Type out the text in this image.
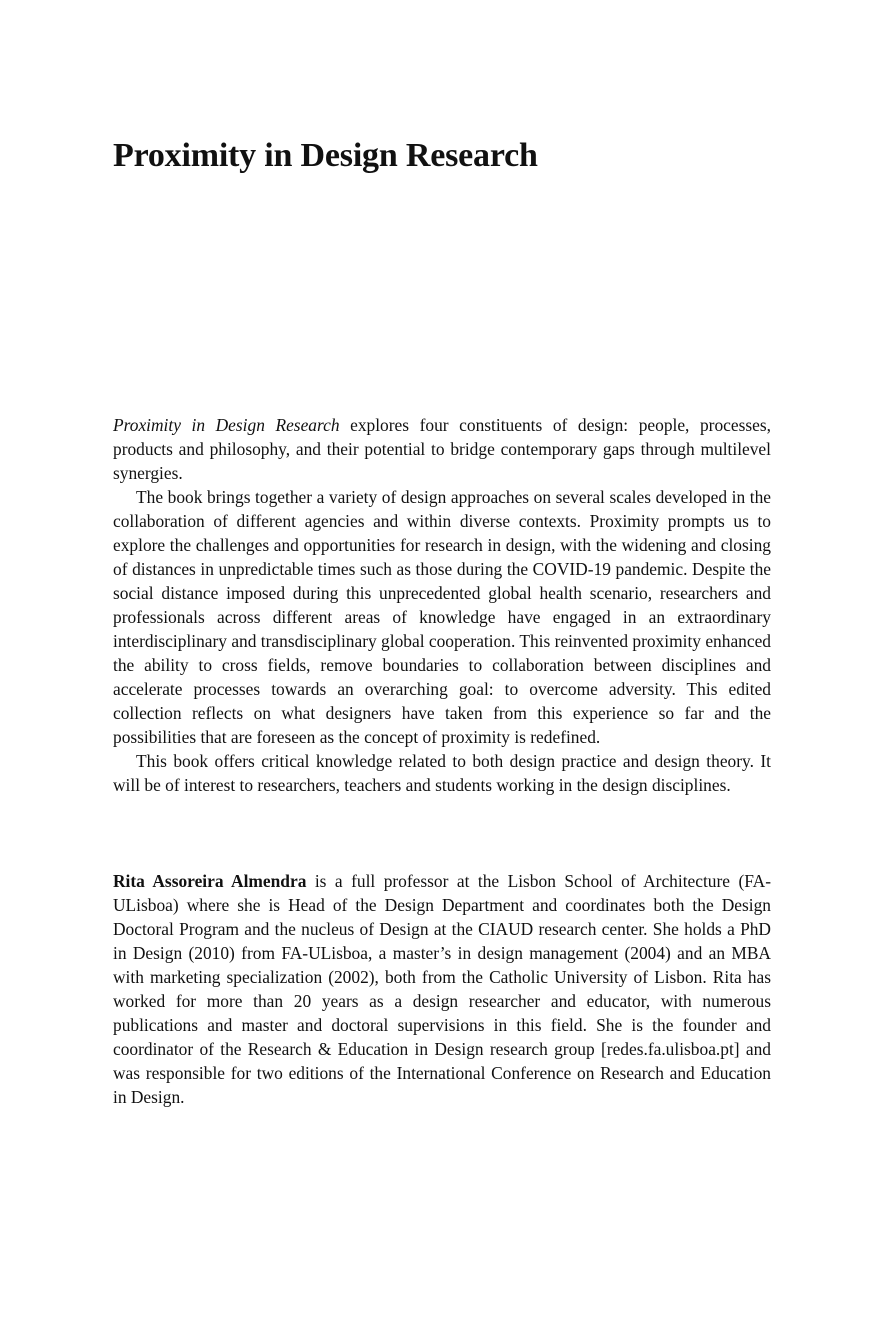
Proximity in Design Research

Proximity in Design Research explores four constituents of design: people, processes, products and philosophy, and their potential to bridge contemporary gaps through multilevel synergies.

The book brings together a variety of design approaches on several scales developed in the collaboration of different agencies and within diverse contexts. Proximity prompts us to explore the challenges and opportunities for research in design, with the widening and closing of distances in unpredictable times such as those during the COVID-19 pandemic. Despite the social distance imposed during this unprecedented global health scenario, researchers and professionals across different areas of knowledge have engaged in an extraordinary interdisciplinary and transdisciplinary global cooperation. This reinvented proximity enhanced the ability to cross fields, remove boundaries to collaboration between disciplines and accelerate processes towards an overarching goal: to overcome adversity. This edited collection reflects on what designers have taken from this experience so far and the possibilities that are foreseen as the concept of proximity is redefined.

This book offers critical knowledge related to both design practice and design theory. It will be of interest to researchers, teachers and students working in the design disciplines.

Rita Assoreira Almendra is a full professor at the Lisbon School of Architecture (FA-ULisboa) where she is Head of the Design Department and coordinates both the Design Doctoral Program and the nucleus of Design at the CIAUD research center. She holds a PhD in Design (2010) from FA-ULisboa, a master’s in design management (2004) and an MBA with marketing specialization (2002), both from the Catholic University of Lisbon. Rita has worked for more than 20 years as a design researcher and educator, with numerous publications and master and doctoral supervisions in this field. She is the founder and coordinator of the Research & Education in Design research group [redes.fa.ulisboa.pt] and was responsible for two editions of the International Conference on Research and Education in Design.
